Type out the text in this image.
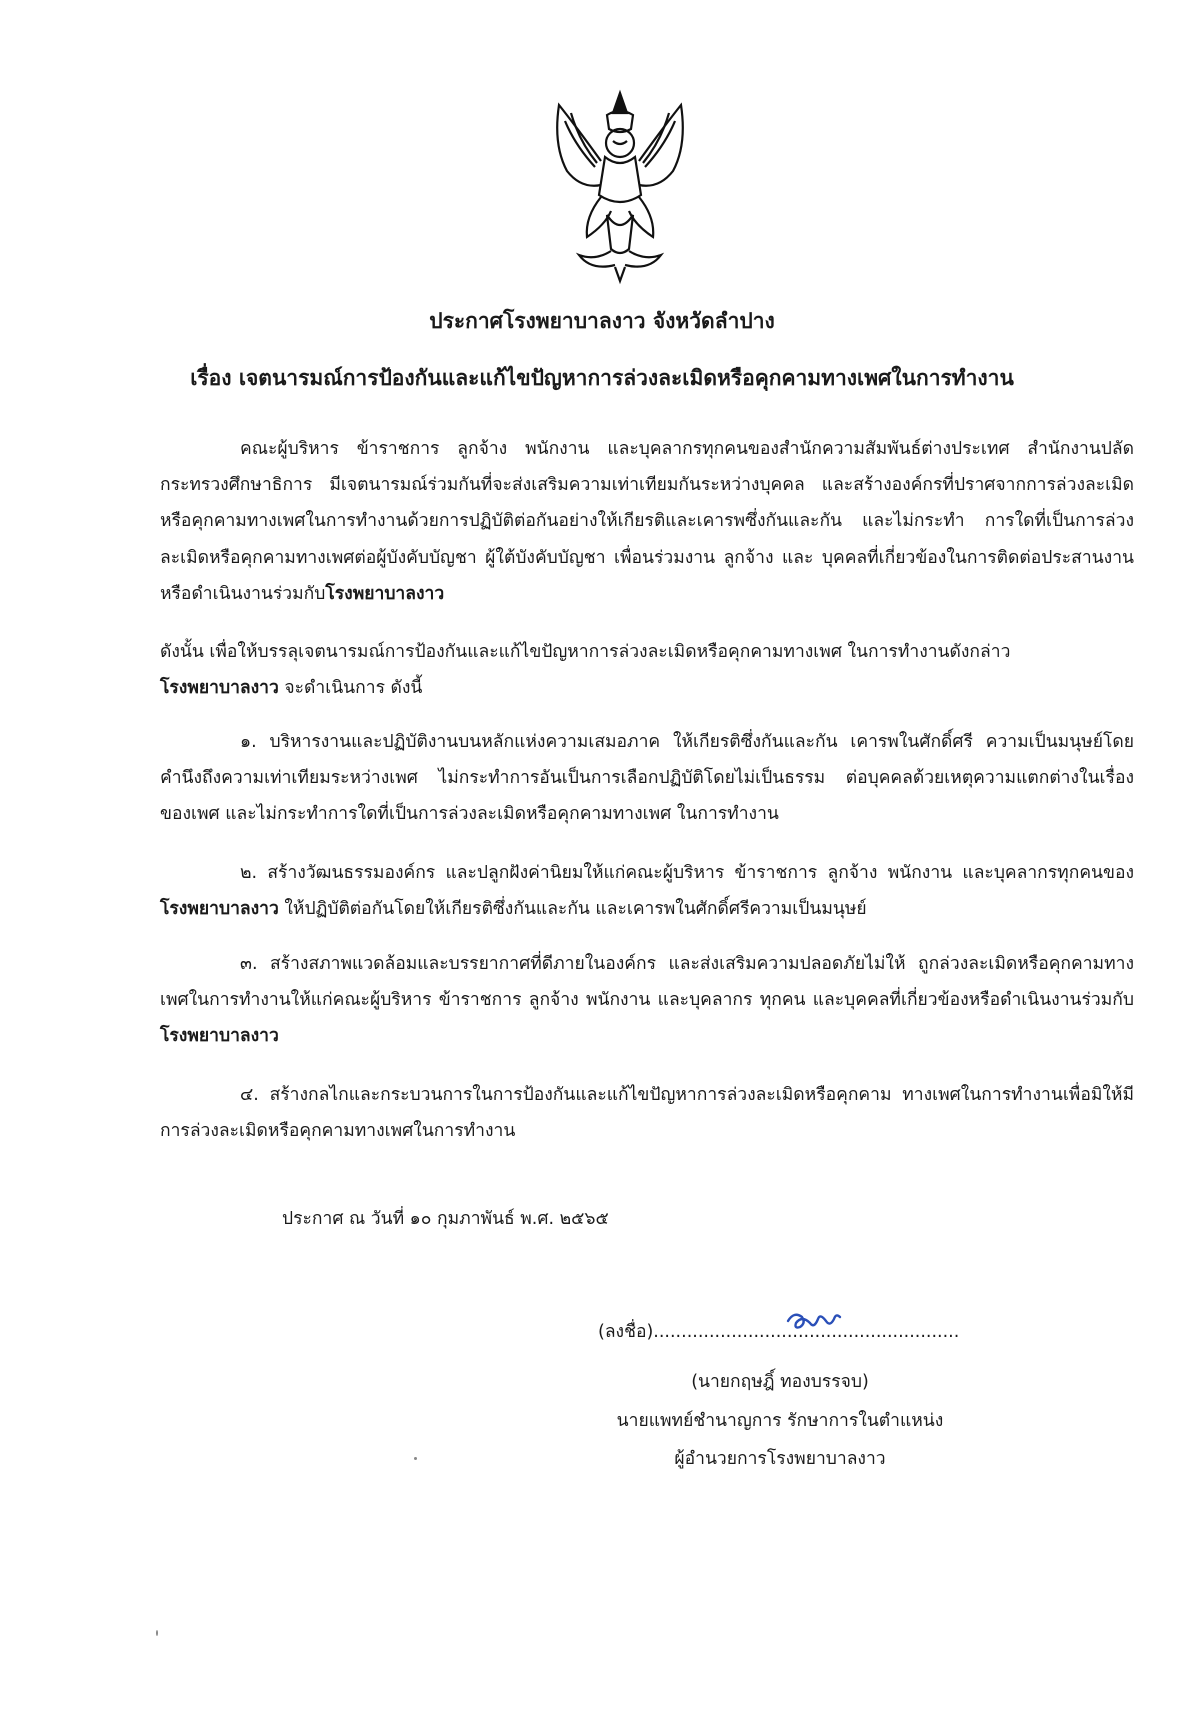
ประกาศโรงพยาบาลงาว จังหวัดลำปาง
เรื่อง เจตนารมณ์การป้องกันและแก้ไขปัญหาการล่วงละเมิดหรือคุกคามทางเพศในการทำงาน

คณะผู้บริหาร ข้าราชการ ลูกจ้าง พนักงาน และบุคลากรทุกคนของสำนักความสัมพันธ์ต่างประเทศ สำนักงานปลัดกระทรวงศึกษาธิการ มีเจตนารมณ์ร่วมกันที่จะส่งเสริมความเท่าเทียมกันระหว่างบุคคล และสร้างองค์กรที่ปราศจากการล่วงละเมิด หรือคุกคามทางเพศในการทำงานด้วยการปฏิบัติต่อกันอย่างให้เกียรติและเคารพซึ่งกันและกัน และไม่กระทำ การใดที่เป็นการล่วงละเมิดหรือคุกคามทางเพศต่อผู้บังคับบัญชา ผู้ใต้บังคับบัญชา เพื่อนร่วมงาน ลูกจ้าง และ บุคคลที่เกี่ยวข้องในการติดต่อประสานงานหรือดำเนินงานร่วมกับโรงพยาบาลงาว

ดังนั้น เพื่อให้บรรลุเจตนารมณ์การป้องกันและแก้ไขปัญหาการล่วงละเมิดหรือคุกคามทางเพศ ในการทำงานดังกล่าว
โรงพยาบาลงาว จะดำเนินการ ดังนี้

๑. บริหารงานและปฏิบัติงานบนหลักแห่งความเสมอภาค ให้เกียรติซึ่งกันและกัน เคารพในศักดิ์ศรี ความเป็นมนุษย์โดยคำนึงถึงความเท่าเทียมระหว่างเพศ ไม่กระทำการอันเป็นการเลือกปฏิบัติโดยไม่เป็นธรรม ต่อบุคคลด้วยเหตุความแตกต่างในเรื่องของเพศ และไม่กระทำการใดที่เป็นการล่วงละเมิดหรือคุกคามทางเพศ ในการทำงาน

๒. สร้างวัฒนธรรมองค์กร และปลูกฝังค่านิยมให้แก่คณะผู้บริหาร ข้าราชการ ลูกจ้าง พนักงาน และบุคลากรทุกคนของ โรงพยาบาลงาว ให้ปฏิบัติต่อกันโดยให้เกียรติซึ่งกันและกัน และเคารพในศักดิ์ศรีความเป็นมนุษย์

๓. สร้างสภาพแวดล้อมและบรรยากาศที่ดีภายในองค์กร และส่งเสริมความปลอดภัยไม่ให้ ถูกล่วงละเมิดหรือคุกคามทางเพศในการทำงานให้แก่คณะผู้บริหาร ข้าราชการ ลูกจ้าง พนักงาน และบุคลากร ทุกคน และบุคคลที่เกี่ยวข้องหรือดำเนินงานร่วมกับ โรงพยาบาลงาว

๔. สร้างกลไกและกระบวนการในการป้องกันและแก้ไขปัญหาการล่วงละเมิดหรือคุกคาม ทางเพศในการทำงานเพื่อมิให้มีการล่วงละเมิดหรือคุกคามทางเพศในการทำงาน

ประกาศ ณ วันที่ ๑๐ กุมภาพันธ์ พ.ศ. ๒๕๖๕
(ลงชื่อ).......................................................
(นายกฤษฎิ์ ทองบรรจบ)
นายแพทย์ชำนาญการ รักษาการในตำแหน่ง
ผู้อำนวยการโรงพยาบาลงาว
